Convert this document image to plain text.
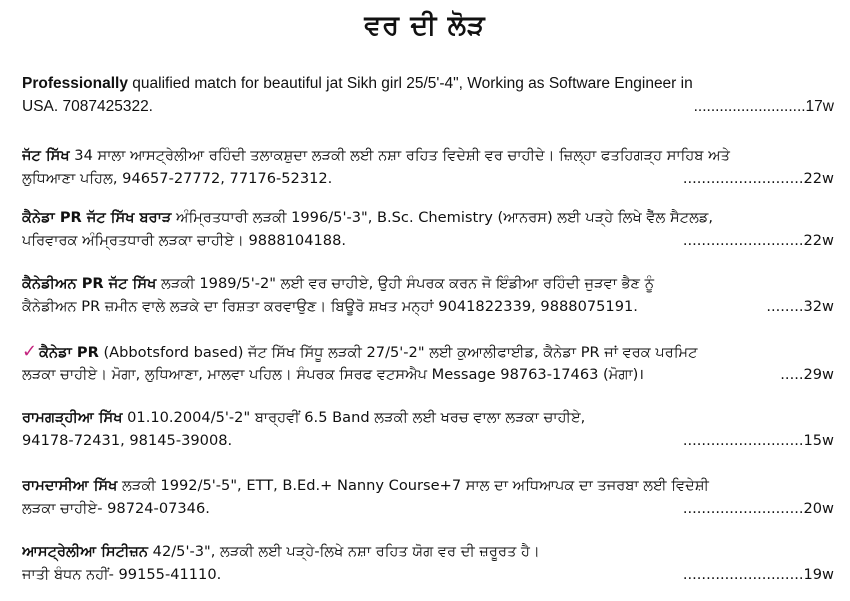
ਵਰ ਦੀ ਲੋੜ
Professionally qualified match for beautiful jat Sikh girl 25/5'-4", Working as Software Engineer in
USA. 7087425322.	..........................17w
ਜੱਟ ਸਿੱਖ 34 ਸਾਲਾ ਆਸਟ੍ਰੇਲੀਆ ਰਹਿੰਦੀ ਤਲਾਕਸ਼ੁਦਾ ਲੜਕੀ ਲਈ ਨਸ਼ਾ ਰਹਿਤ ਵਿਦੇਸ਼ੀ ਵਰ ਚਾਹੀਦੇ। ਜ਼ਿਲ੍ਹਾ ਫਤਹਿਗੜ੍ਹ ਸਾਹਿਬ ਅਤੇ
ਲੁਧਿਆਣਾ ਪਹਿਲ, 94657-27772, 77176-52312.	..........................22w
ਕੈਨੇਡਾ PR ਜੱਟ ਸਿੱਖ ਬਰਾੜ ਅੰਮ੍ਰਿਤਧਾਰੀ ਲੜਕੀ 1996/5'-3", B.Sc. Chemistry (ਆਨਰਸ) ਲਈ ਪੜ੍ਹੇ ਲਿਖੇ ਵੈੱਲ ਸੈਟਲਡ,
ਪਰਿਵਾਰਕ ਅੰਮ੍ਰਿਤਧਾਰੀ ਲੜਕਾ ਚਾਹੀਏ। 9888104188.	..........................22w
ਕੈਨੇਡੀਅਨ PR ਜੱਟ ਸਿੱਖ ਲੜਕੀ 1989/5'-2" ਲਈ ਵਰ ਚਾਹੀਏ, ਉਹੀ ਸੰਪਰਕ ਕਰਨ ਜੋ ਇੰਡੀਆ ਰਹਿੰਦੀ ਜੁੜਵਾ ਭੈਣ ਨੂੰ
ਕੈਨੇਡੀਅਨ PR ਜ਼ਮੀਨ ਵਾਲੇ ਲੜਕੇ ਦਾ ਰਿਸ਼ਤਾ ਕਰਵਾਉਣ। ਬਿਊਰੋ ਸ਼ਖਤ ਮਨ੍ਹਾਂ 9041822339, 9888075191.	........32w
✓ ਕੈਨੇਡਾ PR (Abbotsford based) ਜੱਟ ਸਿੱਖ ਸਿੱਧੂ ਲੜਕੀ 27/5'-2" ਲਈ ਕੁਆਲੀਫਾਈਡ, ਕੈਨੇਡਾ PR ਜਾਂ ਵਰਕ ਪਰਮਿਟ
ਲੜਕਾ ਚਾਹੀਏ। ਮੋਗਾ, ਲੁਧਿਆਣਾ, ਮਾਲਵਾ ਪਹਿਲ। ਸੰਪਰਕ ਸਿਰਫ ਵਟਸਐਪ Message 98763-17463 (ਮੋਗਾ)।	.....29w
ਰਾਮਗੜ੍ਹੀਆ ਸਿੱਖ 01.10.2004/5'-2" ਬਾਰ੍ਹਵੀਂ 6.5 Band ਲੜਕੀ ਲਈ ਖਰਚ ਵਾਲਾ ਲੜਕਾ ਚਾਹੀਏ,
94178-72431, 98145-39008.	..........................15w
ਰਾਮਦਾਸੀਆ ਸਿੱਖ ਲੜਕੀ 1992/5'-5", ETT, B.Ed.+ Nanny Course+7 ਸਾਲ ਦਾ ਅਧਿਆਪਕ ਦਾ ਤਜਰਬਾ ਲਈ ਵਿਦੇਸ਼ੀ
ਲੜਕਾ ਚਾਹੀਏ- 98724-07346.	..........................20w
ਆਸਟ੍ਰੇਲੀਆ ਸਿਟੀਜ਼ਨ 42/5'-3", ਲੜਕੀ ਲਈ ਪੜ੍ਹੇ-ਲਿਖੇ ਨਸ਼ਾ ਰਹਿਤ ਯੋਗ ਵਰ ਦੀ ਜ਼ਰੂਰਤ ਹੈ।
ਜਾਤੀ ਬੰਧਨ ਨਹੀਂ- 99155-41110.	..........................19w
